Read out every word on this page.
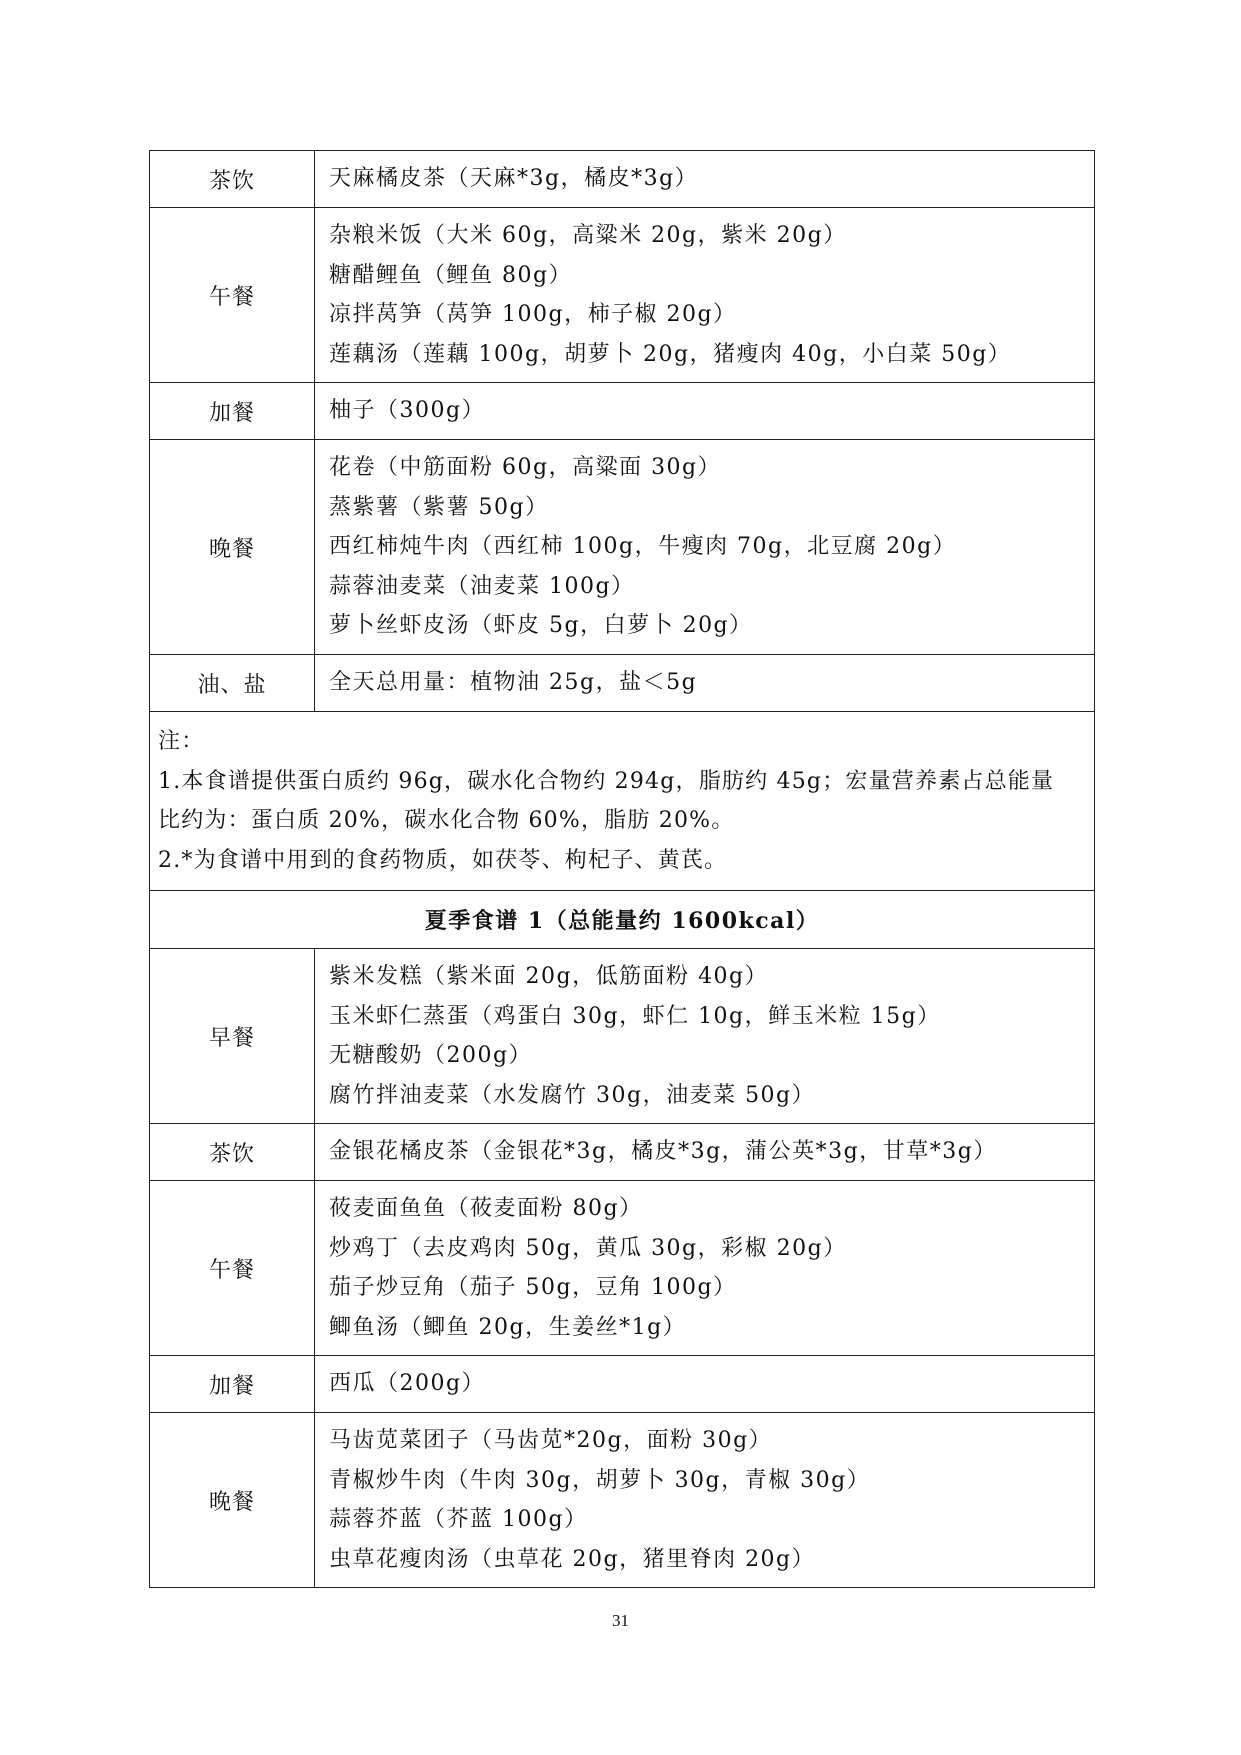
茶饮	天麻橘皮茶（天麻*3g，橘皮*3g）

午餐	杂粮米饭（大米 60g，高粱米 20g，紫米 20g）
糖醋鲤鱼（鲤鱼 80g）
凉拌莴笋（莴笋 100g，柿子椒 20g）
莲藕汤（莲藕 100g，胡萝卜 20g，猪瘦肉 40g，小白菜 50g）

加餐	柚子（300g）

晚餐	花卷（中筋面粉 60g，高粱面 30g）
蒸紫薯（紫薯 50g）
西红柿炖牛肉（西红柿 100g，牛瘦肉 70g，北豆腐 20g）
蒜蓉油麦菜（油麦菜 100g）
萝卜丝虾皮汤（虾皮 5g，白萝卜 20g）

油、盐	全天总用量：植物油 25g，盐＜5g

注：
1.本食谱提供蛋白质约 96g，碳水化合物约 294g，脂肪约 45g；宏量营养素占总能量
比约为：蛋白质 20%，碳水化合物 60%，脂肪 20%。
2.*为食谱中用到的食药物质，如茯苓、枸杞子、黄芪。	

夏季食谱 1（总能量约 1600kcal）	
早餐	紫米发糕（紫米面 20g，低筋面粉 40g）
玉米虾仁蒸蛋（鸡蛋白 30g，虾仁 10g，鲜玉米粒 15g）
无糖酸奶（200g）
腐竹拌油麦菜（水发腐竹 30g，油麦菜 50g）

茶饮	金银花橘皮茶（金银花*3g，橘皮*3g，蒲公英*3g，甘草*3g）

午餐	莜麦面鱼鱼（莜麦面粉 80g）
炒鸡丁（去皮鸡肉 50g，黄瓜 30g，彩椒 20g）
茄子炒豆角（茄子 50g，豆角 100g）
鲫鱼汤（鲫鱼 20g，生姜丝*1g）

加餐	西瓜（200g）

晚餐	马齿苋菜团子（马齿苋*20g，面粉 30g）
青椒炒牛肉（牛肉 30g，胡萝卜 30g，青椒 30g）
蒜蓉芥蓝（芥蓝 100g）
虫草花瘦肉汤（虫草花 20g，猪里脊肉 20g）
31
